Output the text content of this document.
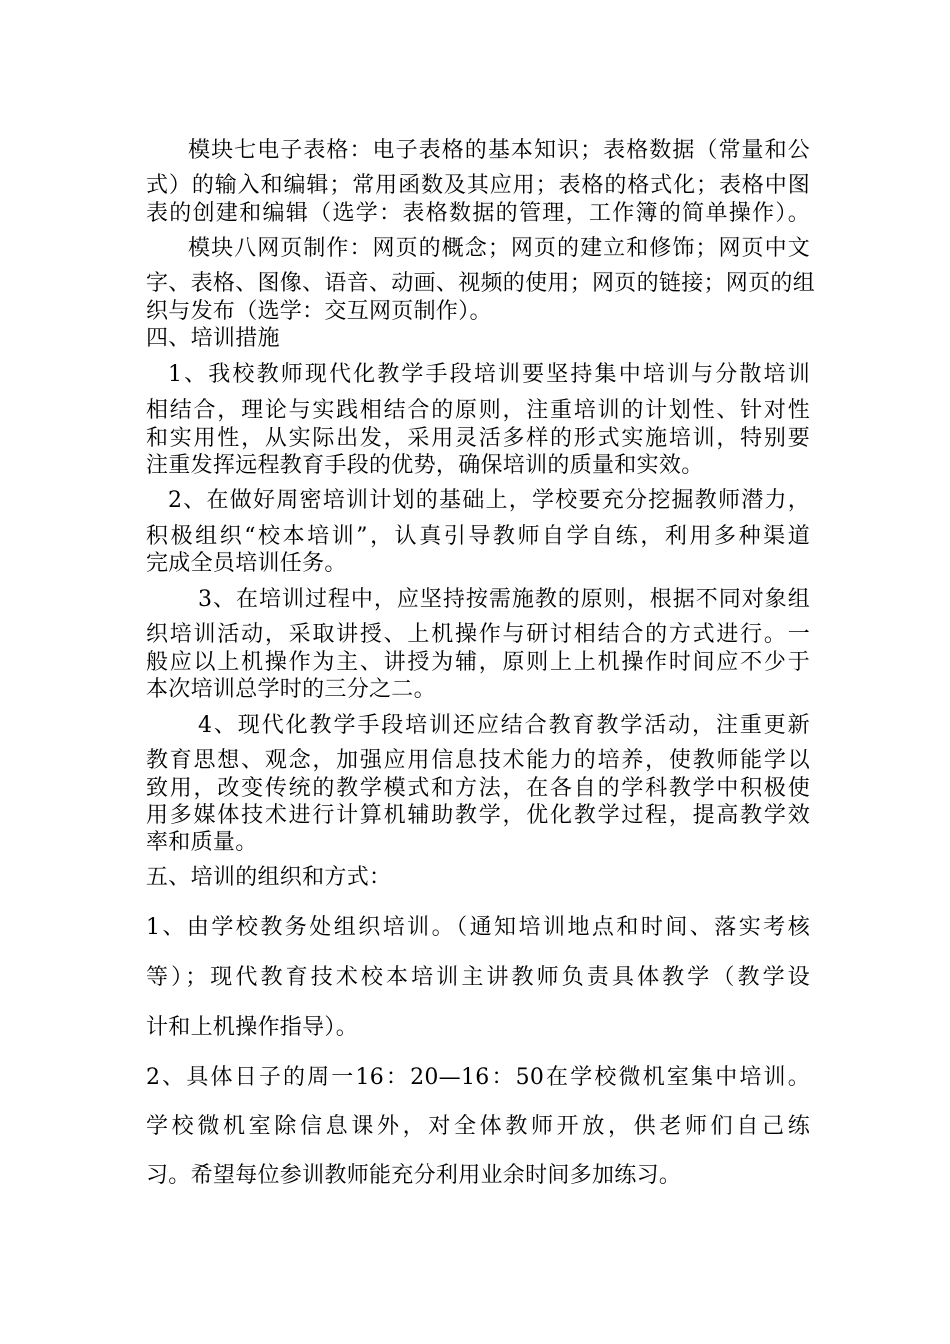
模块七电子表格：电子表格的基本知识；表格数据（常量和公
式）的输入和编辑；常用函数及其应用；表格的格式化；表格中图
表的创建和编辑（选学：表格数据的管理，工作簿的简单操作）。
模块八网页制作：网页的概念；网页的建立和修饰；网页中文
字、表格、图像、语音、动画、视频的使用；网页的链接；网页的组
织与发布（选学：交互网页制作）。
四、培训措施
1、我校教师现代化教学手段培训要坚持集中培训与分散培训
相结合，理论与实践相结合的原则，注重培训的计划性、针对性
和实用性，从实际出发，采用灵活多样的形式实施培训，特别要
注重发挥远程教育手段的优势，确保培训的质量和实效。
2、在做好周密培训计划的基础上，学校要充分挖掘教师潜力，
积极组织“校本培训”，认真引导教师自学自练，利用多种渠道
完成全员培训任务。
3、在培训过程中，应坚持按需施教的原则，根据不同对象组
织培训活动，采取讲授、上机操作与研讨相结合的方式进行。一
般应以上机操作为主、讲授为辅，原则上上机操作时间应不少于
本次培训总学时的三分之二。
4、现代化教学手段培训还应结合教育教学活动，注重更新
教育思想、观念，加强应用信息技术能力的培养，使教师能学以
致用，改变传统的教学模式和方法，在各自的学科教学中积极使
用多媒体技术进行计算机辅助教学，优化教学过程，提高教学效
率和质量。
五、培训的组织和方式：
1、由学校教务处组织培训。（通知培训地点和时间、落实考核
等）；现代教育技术校本培训主讲教师负责具体教学（教学设
计和上机操作指导）。
2、具体日子的周一16：20—16：50在学校微机室集中培训。
学校微机室除信息课外，对全体教师开放，供老师们自己练
习。希望每位参训教师能充分利用业余时间多加练习。
